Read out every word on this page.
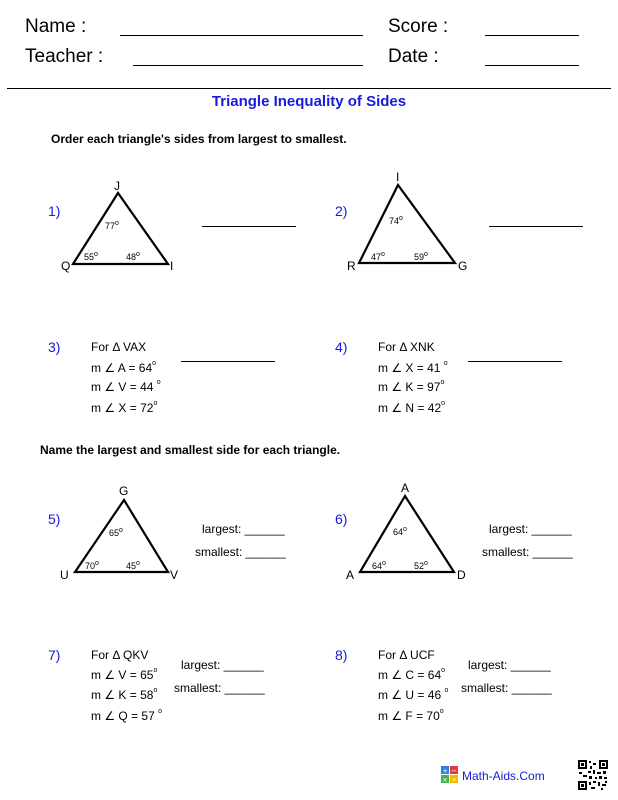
Name :	Score :
Teacher :	Date :
Triangle Inequality of Sides
Order each triangle's sides from largest to smallest.
1)
J
Q	I
77$^o$
55$^o$	48$^o$
2)
I
R	G
74$^o$
47$^o$	59$^o$
3)	For Δ VAX
m ∠ $A = 64^o$
m ∠ V = 44 $^o$
m ∠ $X = 72^o$
4)	For Δ XNK
m ∠ X = 41 $^o$
m ∠ $K = 97^o$
m ∠ $N = 42^o$
Name the largest and smallest side for each triangle.
5)
G
U	V
65$^o$
70$^o$	45$^o$
largest: ______
smallest: ______
6)
A
A	D
64$^o$
64$^o$	52$^o$
largest: ______
smallest: ______
7)	For Δ QKV
m ∠ $V = 65^o$
m ∠ $K = 58^o$
m ∠ Q = 57 $^o$
largest: ______
smallest: ______
8)	For Δ UCF
m ∠ $C = 64^o$
m ∠ U = 46 $^o$
m ∠ $F = 70^o$
largest: ______
smallest: ______
+ −
× ÷ Math-Aids.Com
